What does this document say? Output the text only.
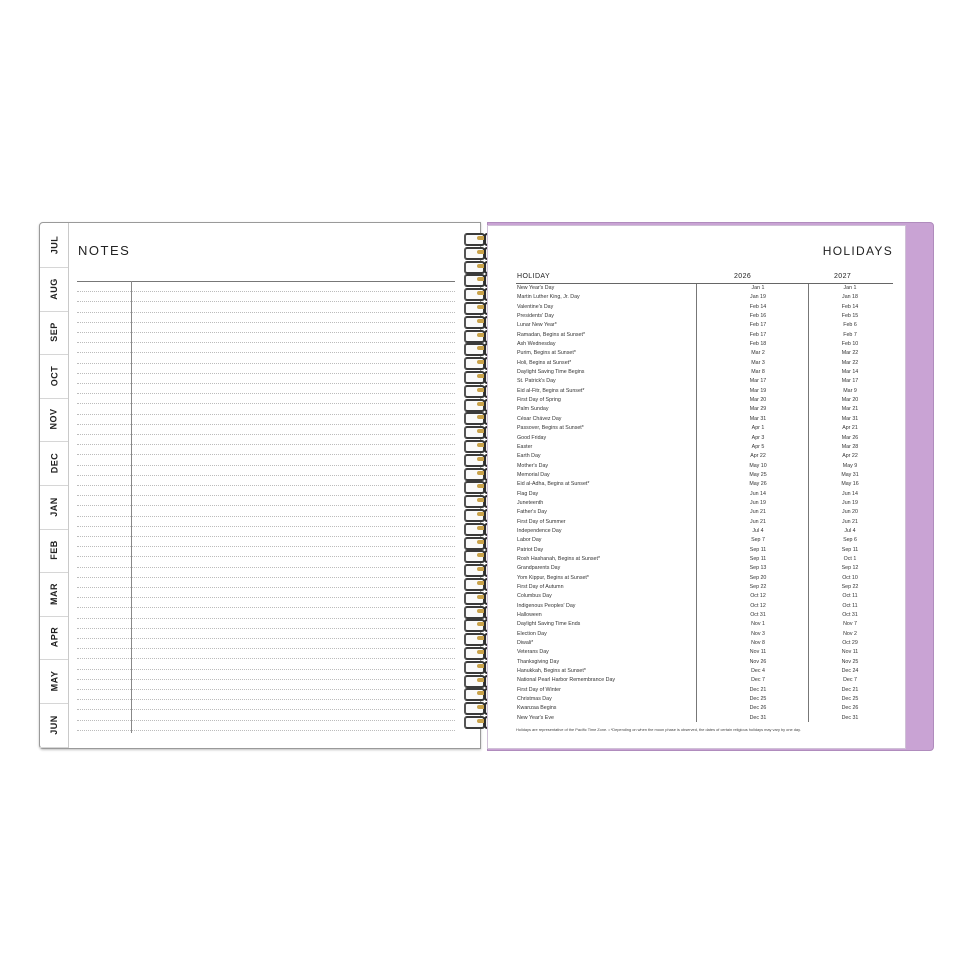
JUL
AUG
SEP
OCT
NOV
DEC
JAN
FEB
MAR
APR
MAY
JUN
NOTES	HOLIDAYS
HOLIDAY	2026	2027
New Year's Day	Jan 1	Jan 1
Martin Luther King, Jr. Day	Jan 19	Jan 18
Valentine's Day	Feb 14	Feb 14
Presidents' Day	Feb 16	Feb 15
Lunar New Year*	Feb 17	Feb 6
Ramadan, Begins at Sunset*	Feb 17	Feb 7
Ash Wednesday	Feb 18	Feb 10
Purim, Begins at Sunset*	Mar 2	Mar 22
Holi, Begins at Sunset*	Mar 3	Mar 22
Daylight Saving Time Begins	Mar 8	Mar 14
St. Patrick's Day	Mar 17	Mar 17
Eid al-Fitr, Begins at Sunset*	Mar 19	Mar 9
First Day of Spring	Mar 20	Mar 20
Palm Sunday	Mar 29	Mar 21
César Chávez Day	Mar 31	Mar 31
Passover, Begins at Sunset*	Apr 1	Apr 21
Good Friday	Apr 3	Mar 26
Easter	Apr 5	Mar 28
Earth Day	Apr 22	Apr 22
Mother's Day	May 10	May 9
Memorial Day	May 25	May 31
Eid al-Adha, Begins at Sunset*	May 26	May 16
Flag Day	Jun 14	Jun 14
Juneteenth	Jun 19	Jun 19
Father's Day	Jun 21	Jun 20
First Day of Summer	Jun 21	Jun 21
Independence Day	Jul 4	Jul 4
Labor Day	Sep 7	Sep 6
Patriot Day	Sep 11	Sep 11
Rosh Hashanah, Begins at Sunset*	Sep 11	Oct 1
Grandparents Day	Sep 13	Sep 12
Yom Kippur, Begins at Sunset*	Sep 20	Oct 10
First Day of Autumn	Sep 22	Sep 22
Columbus Day	Oct 12	Oct 11
Indigenous Peoples' Day	Oct 12	Oct 11
Halloween	Oct 31	Oct 31
Daylight Saving Time Ends	Nov 1	Nov 7
Election Day	Nov 3	Nov 2
Diwali*	Nov 8	Oct 29
Veterans Day	Nov 11	Nov 11
Thanksgiving Day	Nov 26	Nov 25
Hanukkah, Begins at Sunset*	Dec 4	Dec 24
National Pearl Harbor Remembrance Day	Dec 7	Dec 7
First Day of Winter	Dec 21	Dec 21
Christmas Day	Dec 25	Dec 25
Kwanzaa Begins	Dec 26	Dec 26
New Year's Eve	Dec 31	Dec 31
Holidays are representative of the Pacific Time Zone. • *Depending on when the moon phase is observed, the dates of certain religious holidays may vary by one day.
